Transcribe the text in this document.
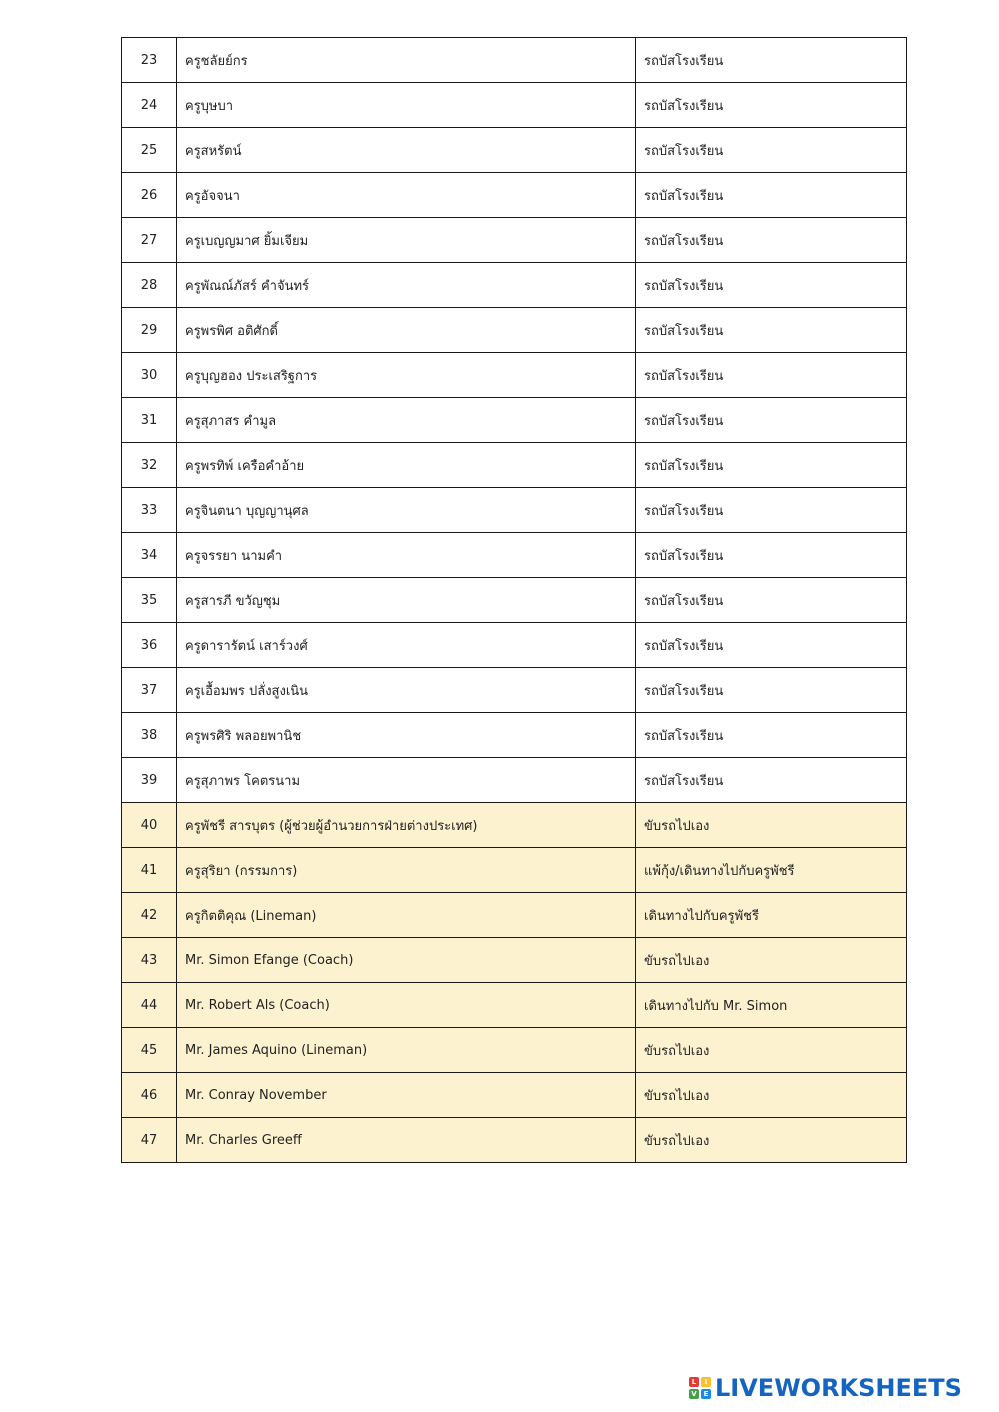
23	ครูชลัยย์กร	รถบัสโรงเรียน
24	ครูบุษบา	รถบัสโรงเรียน
25	ครูสหรัตน์	รถบัสโรงเรียน
26	ครูอัจจนา	รถบัสโรงเรียน
27	ครูเบญญมาศ ยิ้มเจียม	รถบัสโรงเรียน
28	ครูพัณณ์ภัสร์ คำจันทร์	รถบัสโรงเรียน
29	ครูพรพิศ อติศักดิ์	รถบัสโรงเรียน
30	ครูบุญฮอง ประเสริฐการ	รถบัสโรงเรียน
31	ครูสุภาสร คำมูล	รถบัสโรงเรียน
32	ครูพรทิพ์ เครือคำอ้าย	รถบัสโรงเรียน
33	ครูจินตนา บุญญานุศล	รถบัสโรงเรียน
34	ครูจรรยา นามคำ	รถบัสโรงเรียน
35	ครูสารภี ขวัญชุม	รถบัสโรงเรียน
36	ครูดารารัตน์ เสาร์วงศ์	รถบัสโรงเรียน
37	ครูเอื้อมพร ปลั่งสูงเนิน	รถบัสโรงเรียน
38	ครูพรศิริ พลอยพานิช	รถบัสโรงเรียน
39	ครูสุภาพร โคตรนาม	รถบัสโรงเรียน
40	ครูพัชรี สารบุตร (ผู้ช่วยผู้อำนวยการฝ่ายต่างประเทศ)	ขับรถไปเอง
41	ครูสุริยา (กรรมการ)	แพ้กุ้ง/เดินทางไปกับครูพัชรี
42	ครูกิตติคุณ (Lineman)	เดินทางไปกับครูพัชรี
43	Mr. Simon Efange (Coach)	ขับรถไปเอง
44	Mr. Robert Als (Coach)	เดินทางไปกับ Mr. Simon
45	Mr. James Aquino (Lineman)	ขับรถไปเอง
46	Mr. Conray November	ขับรถไปเอง
47	Mr. Charles Greeff	ขับรถไปเอง
L	I
V E LIVEWORKSHEETS
